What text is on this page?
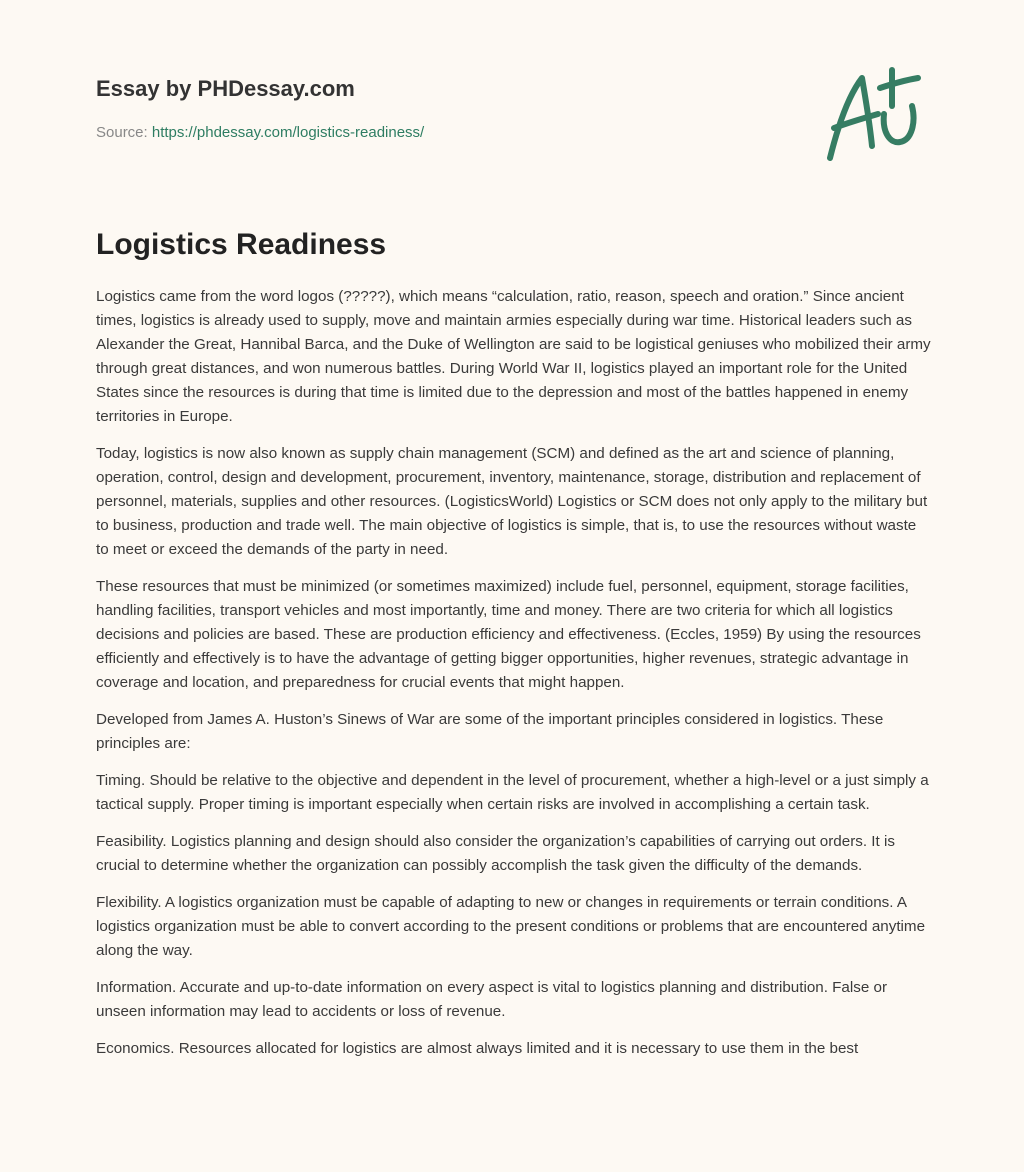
Essay by PHDessay.com

Source: https://phdessay.com/logistics-readiness/
Logistics Readiness

Logistics came from the word logos (?????), which means “calculation, ratio, reason, speech and oration.” Since ancient times, logistics is already used to supply, move and maintain armies especially during war time. Historical leaders such as Alexander the Great, Hannibal Barca, and the Duke of Wellington are said to be logistical geniuses who mobilized their army through great distances, and won numerous battles. During World War II, logistics played an important role for the United States since the resources is during that time is limited due to the depression and most of the battles happened in enemy territories in Europe.

Today, logistics is now also known as supply chain management (SCM) and defined as the art and science of planning, operation, control, design and development, procurement, inventory, maintenance, storage, distribution and replacement of personnel, materials, supplies and other resources. (LogisticsWorld) Logistics or SCM does not only apply to the military but to business, production and trade well. The main objective of logistics is simple, that is, to use the resources without waste to meet or exceed the demands of the party in need.

These resources that must be minimized (or sometimes maximized) include fuel, personnel, equipment, storage facilities, handling facilities, transport vehicles and most importantly, time and money. There are two criteria for which all logistics decisions and policies are based. These are production efficiency and effectiveness. (Eccles, 1959) By using the resources efficiently and effectively is to have the advantage of getting bigger opportunities, higher revenues, strategic advantage in coverage and location, and preparedness for crucial events that might happen.

Developed from James A. Huston’s Sinews of War are some of the important principles considered in logistics. These principles are:

Timing. Should be relative to the objective and dependent in the level of procurement, whether a high-level or a just simply a tactical supply. Proper timing is important especially when certain risks are involved in accomplishing a certain task.

Feasibility. Logistics planning and design should also consider the organization’s capabilities of carrying out orders. It is crucial to determine whether the organization can possibly accomplish the task given the difficulty of the demands.

Flexibility. A logistics organization must be capable of adapting to new or changes in requirements or terrain conditions. A logistics organization must be able to convert according to the present conditions or problems that are encountered anytime along the way.

Information. Accurate and up-to-date information on every aspect is vital to logistics planning and distribution. False or unseen information may lead to accidents or loss of revenue.

Economics. Resources allocated for logistics are almost always limited and it is necessary to use them in the best
